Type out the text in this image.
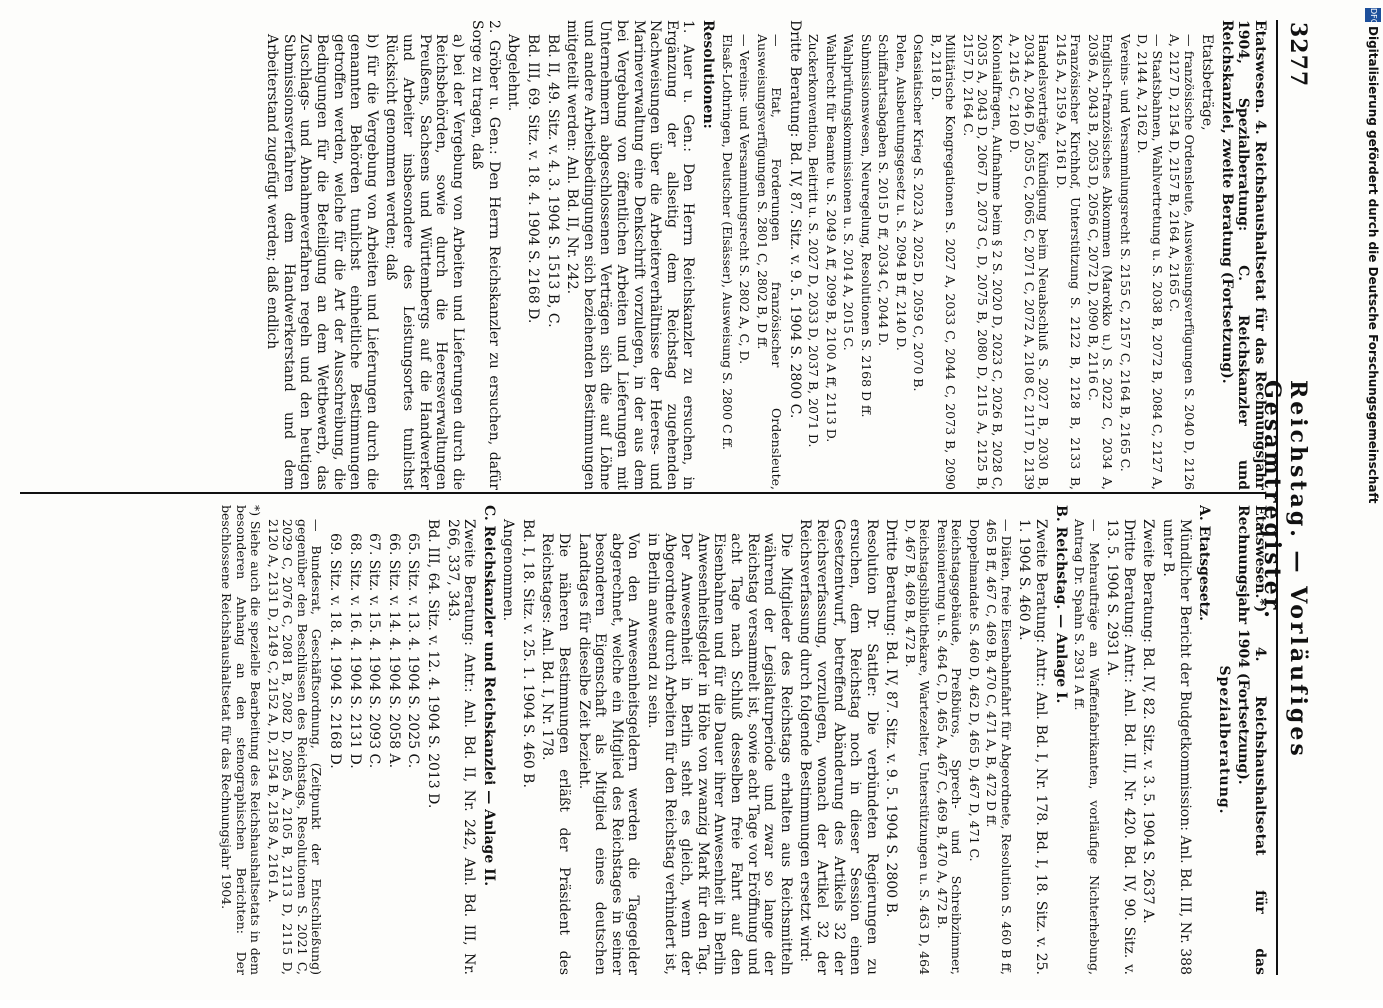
3277
Reichstag. — Vorläufiges Gesamtregister.

Etatswesen. 4. Reichshaushaltsetat für das Rechnungsjahr 1904, Spezialberatung: C. Reichskanzler und Reichskanzlei, zweite Beratung (Fortsetzung).

Etatsbeträge,

— französische Ordensleute, Ausweisungsverfügungen S. 2040 D, 2126 A, 2127 D, 2154 D, 2157 B, 2164 A, 2165 C.

— Staatsbahnen, Wahlvertretung u. S. 2038 B, 2072 B, 2084 C, 2127 A, D, 2144 A, 2162 D.

Vereins- und Versammlungsrecht S. 2155 C, 2157 C, 2164 B, 2165 C.

Englisch-französisches Abkommen (Marokko u.) S. 2022 C, 2034 A, 2036 A, 2043 B, 2053 D, 2056 C, 2072 D, 2090 B, 2116 C.

Französischer Kirchhof, Unterstützung S. 2122 B, 2128 B, 2133 B, 2145 A, 2159 A, 2161 D.

Handelsverträge, Kündigung beim Neuabschluß S. 2027 B, 2030 B, 2034 A, 2046 D, 2055 C, 2065 C, 2071 C, 2072 A, 2108 C, 2117 D, 2139 A, 2145 C, 2160 D.

Kolonialfragen, Aufnahme beim § 2 S. 2020 D, 2023 C, 2026 B, 2028 C, 2035 A, 2043 D, 2067 D, 2073 C, D, 2075 B, 2080 D, 2115 A, 2125 B, 2157 D, 2164 C.

Militärische Kongregationen S. 2027 A, 2033 C, 2044 C, 2073 B, 2090 B, 2118 D.

Ostasiatischer Krieg S. 2023 A, 2025 D, 2059 C, 2070 B.

Polen, Ausbeutungsgesetz u. S. 2094 B ff, 2140 D.

Schiffahrtsabgaben S. 2015 D ff, 2034 C, 2044 D.

Submissionswesen, Neuregelung, Resolutionen S. 2168 D ff.

Wahlprüfungskommissionen u. S. 2014 A, 2015 C.

Wahlrecht für Beamte u. S. 2049 A ff, 2099 B, 2100 A ff, 2113 D.

Zuckerkonvention, Beitritt u. S. 2027 D, 2033 D, 2037 B, 2071 D.

Dritte Beratung: Bd. IV, 87. Sitz. v. 9. 5. 1904 S. 2800 C.

— Etat, Forderungen französischer Ordensleute, Ausweisungsverfügungen S. 2801 C, 2802 B, D ff.

— Vereins- und Versammlungsrecht S. 2802 A, C, D.

Elsaß-Lothringen, Deutscher (Elsässer), Ausweisung S. 2800 C ff.

Resolutionen:

1. Auer u. Gen.: Den Herrn Reichskanzler zu ersuchen, in Ergänzung der allseitig dem Reichstag zugehenden Nachweisungen über die Arbeiterverhältnisse der Heeres- und Marineverwaltung eine Denkschrift vorzulegen, in der aus dem bei Vergebung von öffentlichen Arbeiten und Lieferungen mit Unternehmern abgeschlossenen Verträgen sich die auf Löhne und andere Arbeitsbedingungen sich beziehenden Bestimmungen mitgeteilt werden: Anl. Bd. II, Nr. 242.

Bd. II, 49. Sitz. v. 4. 3. 1904 S. 1513 B, C.

Bd. III, 69. Sitz. v. 18. 4. 1904 S. 2168 D.

Abgelehnt.

2. Gröber u. Gen.: Den Herrn Reichskanzler zu ersuchen, dafür Sorge zu tragen, daß

a) bei der Vergebung von Arbeiten und Lieferungen durch die Reichsbehörden, sowie durch die Heeresverwaltungen Preußens, Sachsens und Württembergs auf die Handwerker und Arbeiter insbesondere des Leistungsortes tunlichst Rücksicht genommen werden; daß

b) für die Vergebung von Arbeiten und Lieferungen durch die genannten Behörden tunlichst einheitliche Bestimmungen getroffen werden, welche für die Art der Ausschreibung, die Bedingungen für die Beteiligung an dem Wettbewerb, das Zuschlags- und Abnahmeverfahren regeln und den heutigen Submissionsverfahren dem Handwerkerstand und dem Arbeiterstand zugefügt werden; daß endlich

Etatswesen.*) 4. Reichshaushaltsetat für das Rechnungsjahr 1904 (Fortsetzung).

Spezialberatung.

A. Etatsgesetz.

Mündlicher Bericht der Budgetkommission: Anl. Bd. III, Nr. 388 unter B.

Zweite Beratung: Bd. IV, 82. Sitz. v. 3. 5. 1904 S. 2637 A.

Dritte Beratung: Antr.: Anl. Bd. III, Nr. 420. Bd. IV, 90. Sitz. v. 13. 5. 1904 S. 2931 A.

— Mehraufträge an Waffenfabrikanten, vorläufige Nichterhebung, Antrag Dr. Spahn S. 2931 A ff.

B. Reichstag. — Anlage I.

Zweite Beratung: Antr.: Anl. Bd. I, Nr. 178. Bd. I, 18. Sitz. v. 25. 1. 1904 S. 460 A.

— Diäten, freie Eisenbahnfahrt für Abgeordnete, Resolution S. 460 B ff, 465 B ff, 467 C, 469 B, 470 C, 471 A, B, 472 D ff.

Doppelmandate S. 460 D, 462 D, 465 D, 467 D, 471 C.

Reichstagsgebäude, Preßbüros, Sprech- und Schreibzimmer, Pensionierung u. S. 464 C, D, 465 A, 467 C, 469 B, 470 A, 472 B.

Reichstagsbibliothekare, Wartezelter, Unterstützungen u. S. 463 D, 464 D, 467 B, 469 B, 472 B.

Dritte Beratung: Bd. IV, 87. Sitz. v. 9. 5. 1904 S. 2800 B.

Resolution Dr. Sattler: Die verbündeten Regierungen zu ersuchen, dem Reichstag noch in dieser Session einen Gesetzentwurf, betreffend Abänderung des Artikels 32 der Reichsverfassung, vorzulegen, wonach der Artikel 32 der Reichsverfassung durch folgende Bestimmungen ersetzt wird:

Die Mitglieder des Reichstags erhalten aus Reichsmitteln während der Legislaturperiode und zwar so lange der Reichstag versammelt ist, sowie acht Tage vor Eröffnung und acht Tage nach Schluß desselben freie Fahrt auf den Eisenbahnen und für die Dauer ihrer Anwesenheit in Berlin Anwesenheitsgelder in Höhe von zwanzig Mark für den Tag. Der Anwesenheit in Berlin steht es gleich, wenn der Abgeordnete durch Arbeiten für den Reichstag verhindert ist, in Berlin anwesend zu sein.

Von den Anwesenheitsgeldern werden die Tagegelder abgerechnet, welche ein Mitglied des Reichstages in seiner besonderen Eigenschaft als Mitglied eines deutschen Landtages für dieselbe Zeit bezieht.

Die näheren Bestimmungen erläßt der Präsident des Reichstages: Anl. Bd. I, Nr. 178.

Bd. I, 18. Sitz. v. 25. 1. 1904 S. 460 B.

Angenommen.

C. Reichskanzler und Reichskanzlei — Anlage II.

Zweite Beratung: Antr.: Anl. Bd. II, Nr. 242, Anl. Bd. III, Nr. 266, 337, 343.

Bd. III, 64. Sitz. v. 12. 4. 1904 S. 2013 D.

65. Sitz. v. 13. 4. 1904 S. 2025 C.

66. Sitz. v. 14. 4. 1904 S. 2058 A.

67. Sitz. v. 15. 4. 1904 S. 2093 C.

68. Sitz. v. 16. 4. 1904 S. 2131 D.

69. Sitz. v. 18. 4. 1904 S. 2168 D.

— Bundesrat, Geschäftsordnung, (Zeitpunkt der Entschließung) gegenüber den Beschlüssen des Reichstags, Resolutionen S. 2021 C, 2029 C, 2076 C, 2081 B, 2082 D, 2085 A, 2105 B, 2113 D, 2115 D, 2120 A, 2131 D, 2149 C, 2152 A, D, 2154 B, 2158 A, 2161 A.

*) Siehe auch die spezielle Bearbeitung des Reichshaushaltsetats in dem besonderen Anhang an den stenographischen Berichten: Der beschlossene Reichshaushaltsetat für das Rechnungsjahr 1904.

DFG
Digitalisierung gefördert durch die Deutsche Forschungsgemeinschaft
